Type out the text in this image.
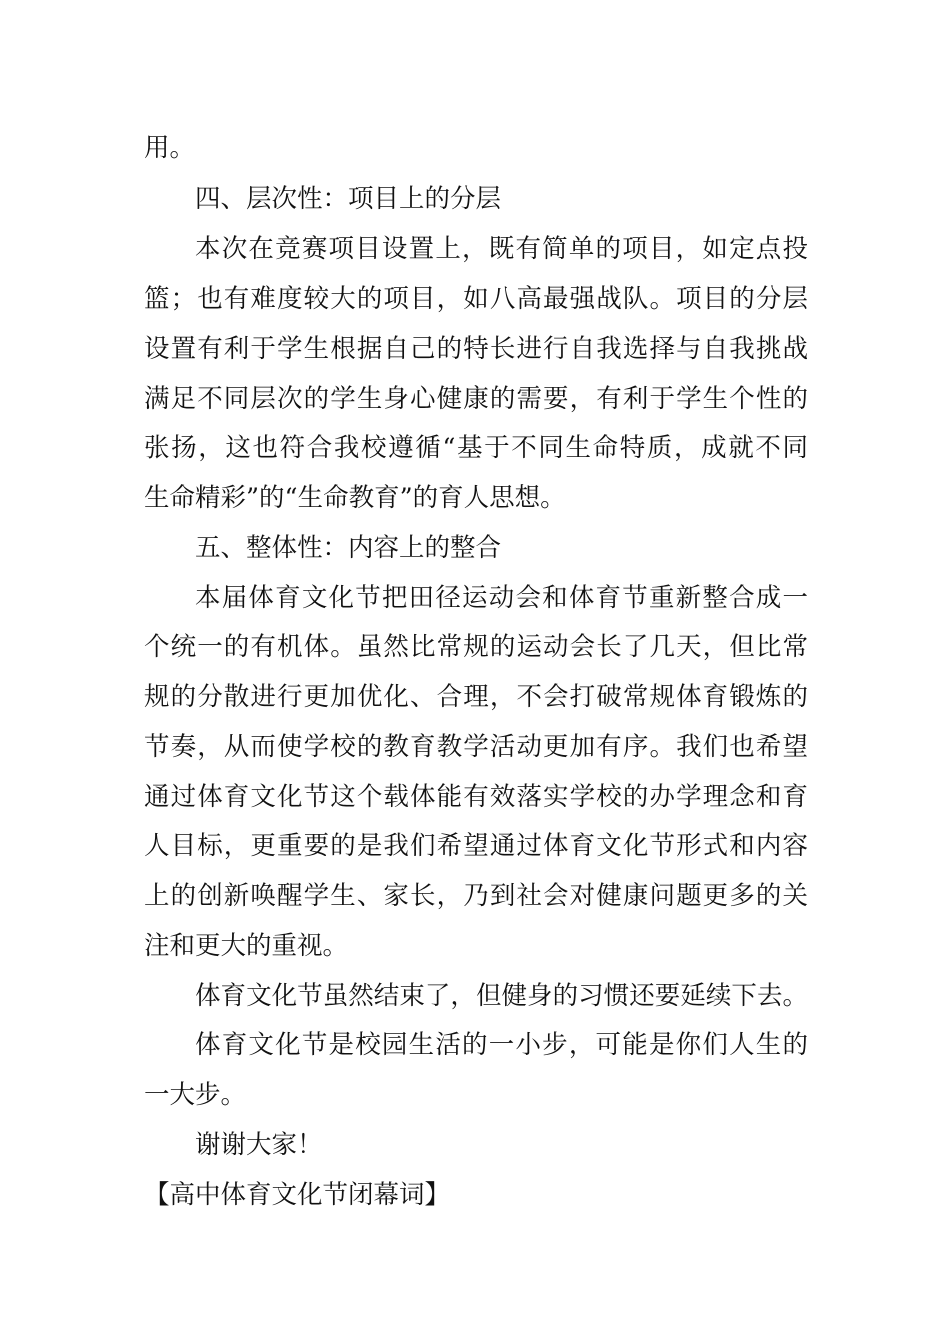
用。
四、层次性：项目上的分层
本次在竞赛项目设置上，既有简单的项目，如定点投
篮；也有难度较大的项目，如八高最强战队。项目的分层
设置有利于学生根据自己的特长进行自我选择与自我挑战
满足不同层次的学生身心健康的需要，有利于学生个性的
张扬，这也符合我校遵循“基于不同生命特质，成就不同
生命精彩”的“生命教育”的育人思想。
五、整体性：内容上的整合
本届体育文化节把田径运动会和体育节重新整合成一
个统一的有机体。虽然比常规的运动会长了几天，但比常
规的分散进行更加优化、合理，不会打破常规体育锻炼的
节奏，从而使学校的教育教学活动更加有序。我们也希望
通过体育文化节这个载体能有效落实学校的办学理念和育
人目标，更重要的是我们希望通过体育文化节形式和内容
上的创新唤醒学生、家长，乃到社会对健康问题更多的关
注和更大的重视。
体育文化节虽然结束了，但健身的习惯还要延续下去。
体育文化节是校园生活的一小步，可能是你们人生的
一大步。
谢谢大家！
【高中体育文化节闭幕词】
